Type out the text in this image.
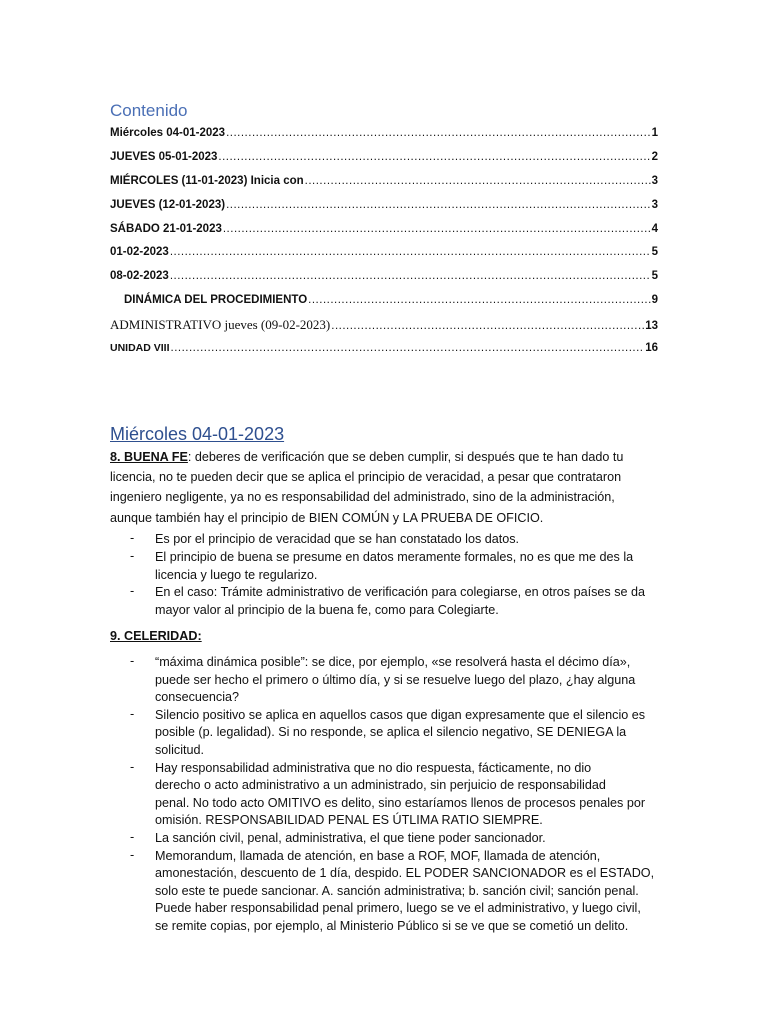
Contenido
Miércoles 04-01-2023 .....	1
JUEVES 05-01-2023 .....	2
MIÉRCOLES (11-01-2023) Inicia con .....	3
JUEVES (12-01-2023) .....	3
SÁBADO 21-01-2023 .....	4
01-02-2023 .....	5
08-02-2023 .....	5
DINÁMICA DEL PROCEDIMIENTO .....	9
ADMINISTRATIVO jueves (09-02-2023) .....	13
UNIDAD VIII .....	16
Miércoles 04-01-2023
8. BUENA FE: deberes de verificación que se deben cumplir, si después que te han dado tu
licencia, no te pueden decir que se aplica el principio de veracidad, a pesar que contrataron
ingeniero negligente, ya no es responsabilidad del administrado, sino de la administración,
aunque también hay el principio de BIEN COMÚN y LA PRUEBA DE OFICIO.
- Es por el principio de veracidad que se han constatado los datos.
- El principio de buena se presume en datos meramente formales, no es que me des la
licencia y luego te regularizo.
- En el caso: Trámite administrativo de verificación para colegiarse, en otros países se da
mayor valor al principio de la buena fe, como para Colegiarte.
9. CELERIDAD:
- “máxima dinámica posible”: se dice, por ejemplo, «se resolverá hasta el décimo día»,
puede ser hecho el primero o último día, y si se resuelve luego del plazo, ¿hay alguna
consecuencia?
- Silencio positivo se aplica en aquellos casos que digan expresamente que el silencio es
posible (p. legalidad). Si no responde, se aplica el silencio negativo, SE DENIEGA la
solicitud.
- Hay responsabilidad administrativa que no dio respuesta, fácticamente, no dio
derecho o acto administrativo a un administrado, sin perjuicio de responsabilidad
penal. No todo acto OMITIVO es delito, sino estaríamos llenos de procesos penales por
omisión. RESPONSABILIDAD PENAL ES ÚTLIMA RATIO SIEMPRE.
- La sanción civil, penal, administrativa, el que tiene poder sancionador.
- Memorandum, llamada de atención, en base a ROF, MOF, llamada de atención,
amonestación, descuento de 1 día, despido. EL PODER SANCIONADOR es el ESTADO,
solo este te puede sancionar. A. sanción administrativa; b. sanción civil; sanción penal.
Puede haber responsabilidad penal primero, luego se ve el administrativo, y luego civil,
se remite copias, por ejemplo, al Ministerio Público si se ve que se cometió un delito.
